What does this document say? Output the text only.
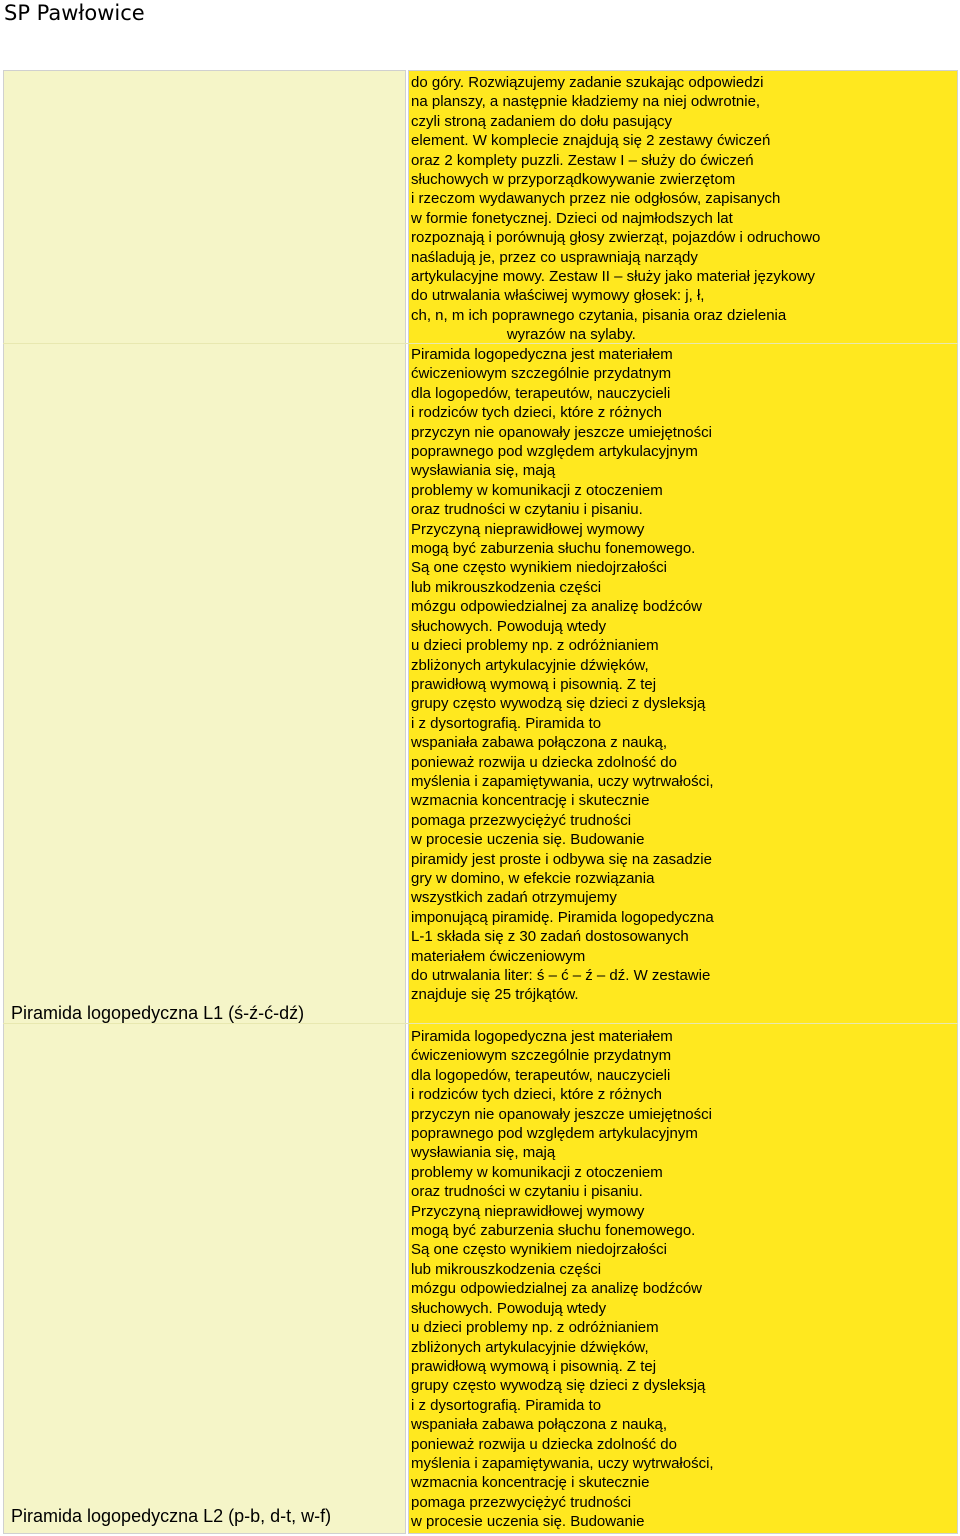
SP Pawłowice

do góry. Rozwiązujemy zadanie szukając odpowiedzi
na planszy, a następnie kładziemy na niej odwrotnie,
czyli stroną zadaniem do dołu pasujący
element. W komplecie znajdują się 2 zestawy ćwiczeń
oraz 2 komplety puzzli. Zestaw I – służy do ćwiczeń
słuchowych w przyporządkowywanie zwierzętom
i rzeczom wydawanych przez nie odgłosów, zapisanych
w formie fonetycznej. Dzieci od najmłodszych lat
rozpoznają i porównują głosy zwierząt, pojazdów i odruchowo
naśladują je, przez co usprawniają narządy
artykulacyjne mowy. Zestaw II – służy jako materiał językowy
do utrwalania właściwej wymowy głosek: j, ł,
ch, n, m ich poprawnego czytania, pisania oraz dzielenia
wyrazów na sylaby.

Piramida logopedyczna jest materiałem
ćwiczeniowym szczególnie przydatnym
dla logopedów, terapeutów, nauczycieli
i rodziców tych dzieci, które z różnych
przyczyn nie opanowały jeszcze umiejętności
poprawnego pod względem artykulacyjnym
wysławiania się, mają
problemy w komunikacji z otoczeniem
oraz trudności w czytaniu i pisaniu.
Przyczyną nieprawidłowej wymowy
mogą być zaburzenia słuchu fonemowego.
Są one często wynikiem niedojrzałości
lub mikrouszkodzenia części
mózgu odpowiedzialnej za analizę bodźców
słuchowych. Powodują wtedy
u dzieci problemy np. z odróżnianiem
zbliżonych artykulacyjnie dźwięków,
prawidłową wymową i pisownią. Z tej
grupy często wywodzą się dzieci z dysleksją
i z dysortografią. Piramida to
wspaniała zabawa połączona z nauką,
ponieważ rozwija u dziecka zdolność do
myślenia i zapamiętywania, uczy wytrwałości,
wzmacnia koncentrację i skutecznie
pomaga przezwyciężyć trudności
w procesie uczenia się. Budowanie
piramidy jest proste i odbywa się na zasadzie
gry w domino, w efekcie rozwiązania
wszystkich zadań otrzymujemy
imponującą piramidę. Piramida logopedyczna
L-1 składa się z 30 zadań dostosowanych
materiałem ćwiczeniowym
do utrwalania liter: ś – ć – ź – dź. W zestawie
znajduje się 25 trójkątów.

Piramida logopedyczna L1 (ś-ź-ć-dź)

Piramida logopedyczna jest materiałem
ćwiczeniowym szczególnie przydatnym
dla logopedów, terapeutów, nauczycieli
i rodziców tych dzieci, które z różnych
przyczyn nie opanowały jeszcze umiejętności
poprawnego pod względem artykulacyjnym
wysławiania się, mają
problemy w komunikacji z otoczeniem
oraz trudności w czytaniu i pisaniu.
Przyczyną nieprawidłowej wymowy
mogą być zaburzenia słuchu fonemowego.
Są one często wynikiem niedojrzałości
lub mikrouszkodzenia części
mózgu odpowiedzialnej za analizę bodźców
słuchowych. Powodują wtedy
u dzieci problemy np. z odróżnianiem
zbliżonych artykulacyjnie dźwięków,
prawidłową wymową i pisownią. Z tej
grupy często wywodzą się dzieci z dysleksją
i z dysortografią. Piramida to
wspaniała zabawa połączona z nauką,
ponieważ rozwija u dziecka zdolność do
myślenia i zapamiętywania, uczy wytrwałości,
wzmacnia koncentrację i skutecznie
pomaga przezwyciężyć trudności
w procesie uczenia się. Budowanie

Piramida logopedyczna L2 (p-b, d-t, w-f)
